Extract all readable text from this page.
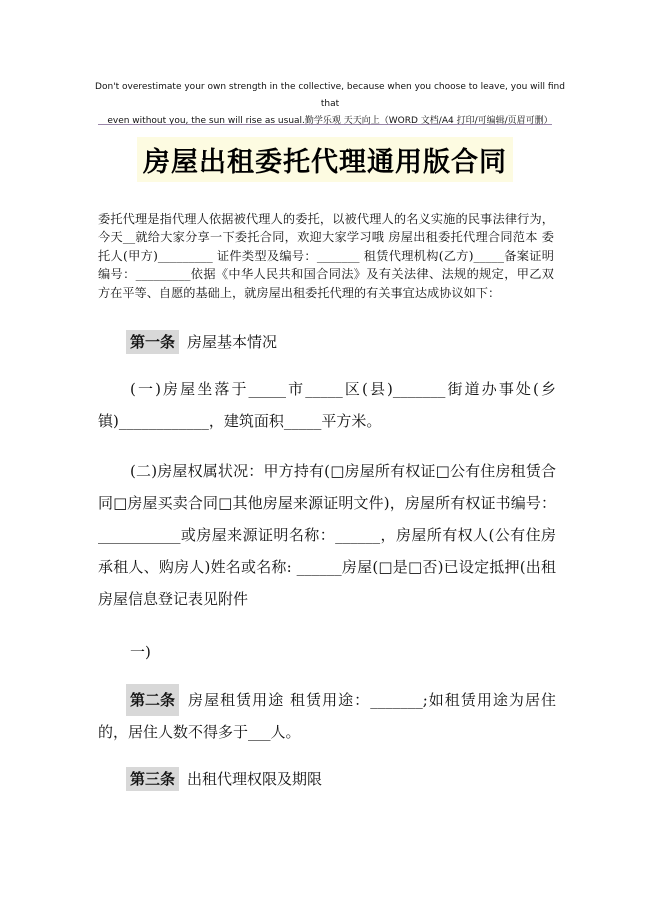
Don't overestimate your own strength in the collective, because when you choose to leave, you will find that
even without you, the sun will rise as usual.勤学乐观 天天向上（WORD 文档/A4 打印/可编辑/页眉可删）
房屋出租委托代理通用版合同

委托代理是指代理人依据被代理人的委托，以被代理人的名义实施的民事法律行为，今天__就给大家分享一下委托合同，欢迎大家学习哦 房屋出租委托代理合同范本 委托人(甲方)_________ 证件类型及编号：_______ 租赁代理机构(乙方)_____备案证明编号：_________依据《中华人民共和国合同法》及有关法律、法规的规定，甲乙双方在平等、自愿的基础上，就房屋出租委托代理的有关事宜达成协议如下：

第一条 房屋基本情况

(一)房屋坐落于_____市_____区(县)_______街道办事处(乡镇)____________，建筑面积_____平方米。

(二)房屋权属状况：甲方持有(□房屋所有权证□公有住房租赁合同□房屋买卖合同□其他房屋来源证明文件)，房屋所有权证书编号：___________或房屋来源证明名称：______，房屋所有权人(公有住房承租人、购房人)姓名或名称: ______房屋(□是□否)已设定抵押(出租房屋信息登记表见附件

一)

第二条 房屋租赁用途 租赁用途：_______;如租赁用途为居住的，居住人数不得多于___人。
第三条 出租代理权限及期限
